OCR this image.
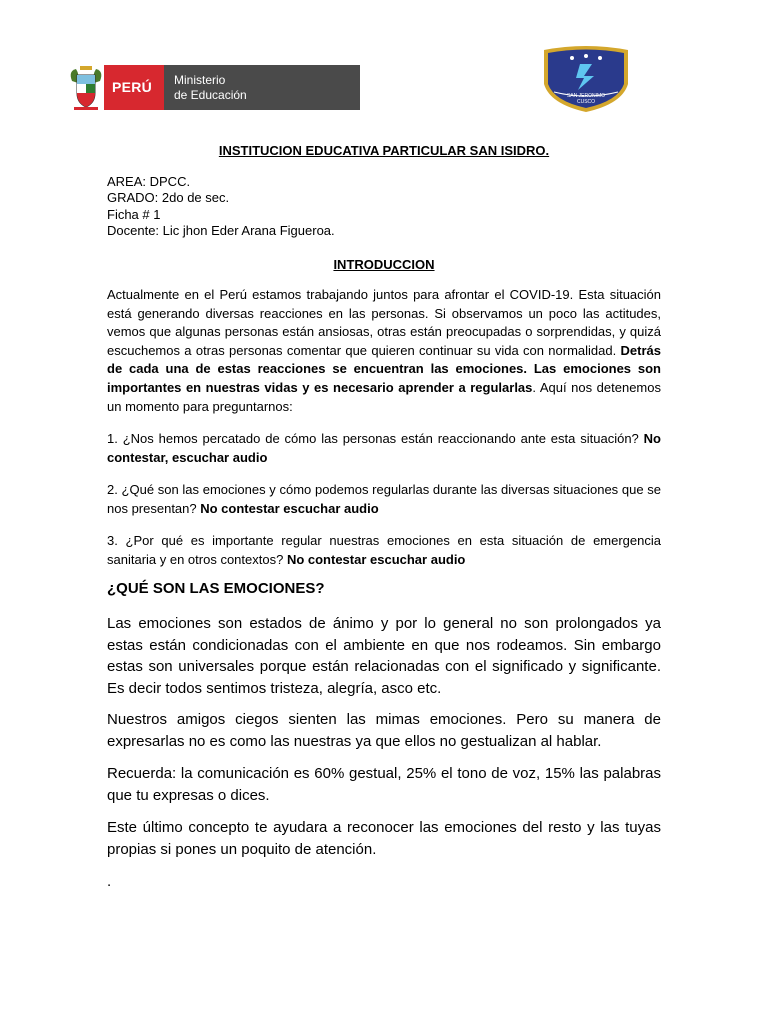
PERÚ Ministerio
de Educación	SAN JERONIMO
CUSCO
INSTITUCION EDUCATIVA PARTICULAR SAN ISIDRO.
AREA: DPCC.
GRADO: 2do de sec.
Ficha # 1
Docente: Lic jhon Eder Arana Figueroa.
INTRODUCCION
Actualmente en el Perú estamos trabajando juntos para afrontar el COVID-19. Esta situación está generando diversas reacciones en las personas. Si observamos un poco las actitudes, vemos que algunas personas están ansiosas, otras están preocupadas o sorprendidas, y quizá escuchemos a otras personas comentar que quieren continuar su vida con normalidad. Detrás de cada una de estas reacciones se encuentran las emociones. Las emociones son importantes en nuestras vidas y es necesario aprender a regularlas. Aquí nos detenemos un momento para preguntarnos:
1. ¿Nos hemos percatado de cómo las personas están reaccionando ante esta situación? No contestar, escuchar audio
2. ¿Qué son las emociones y cómo podemos regularlas durante las diversas situaciones que se nos presentan? No contestar escuchar audio
3. ¿Por qué es importante regular nuestras emociones en esta situación de emergencia sanitaria y en otros contextos? No contestar escuchar audio
¿QUÉ SON LAS EMOCIONES?
Las emociones son estados de ánimo y por lo general no son prolongados ya estas están condicionadas con el ambiente en que nos rodeamos. Sin embargo estas son universales porque están relacionadas con el significado y significante. Es decir todos sentimos tristeza, alegría, asco etc.
Nuestros amigos ciegos sienten las mimas emociones. Pero su manera de expresarlas no es como las nuestras ya que ellos no gestualizan al hablar.
Recuerda: la comunicación es 60% gestual, 25% el tono de voz, 15% las palabras que tu expresas o dices.
Este último concepto te ayudara a reconocer las emociones del resto y las tuyas propias si pones un poquito de atención.
.
